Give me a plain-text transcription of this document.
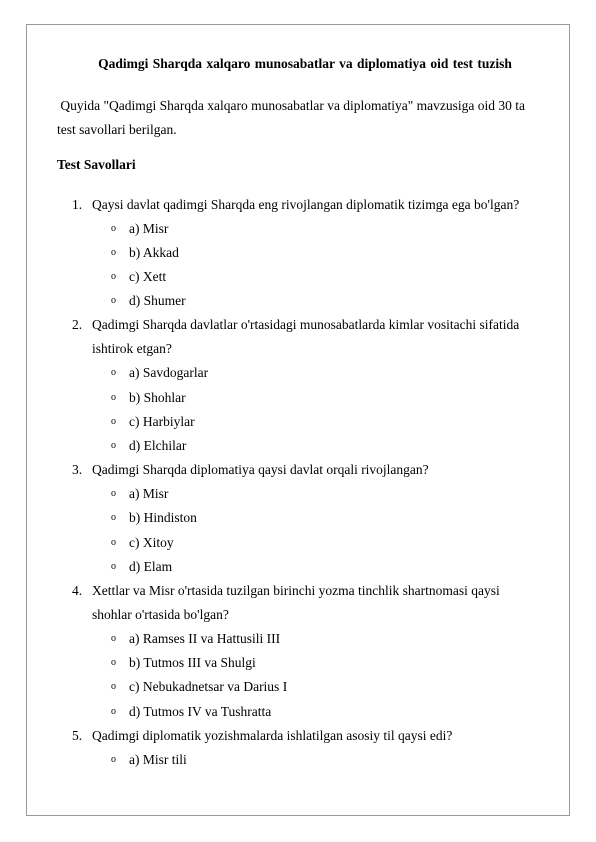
Qadimgi Sharqda xalqaro munosabatlar va diplomatiya oid test tuzish
Quyida "Qadimgi Sharqda xalqaro munosabatlar va diplomatiya" mavzusiga oid 30 ta
test savollari berilgan.
Test Savollari
1. Qaysi davlat qadimgi Sharqda eng rivojlangan diplomatik tizimga ega bo'lgan?
o a) Misr
o b) Akkad
o c) Xett
o d) Shumer
2. Qadimgi Sharqda davlatlar o'rtasidagi munosabatlarda kimlar vositachi sifatida
ishtirok etgan?
o a) Savdogarlar
o b) Shohlar
o c) Harbiylar
o d) Elchilar
3. Qadimgi Sharqda diplomatiya qaysi davlat orqali rivojlangan?
o a) Misr
o b) Hindiston
o c) Xitoy
o d) Elam
4. Xettlar va Misr o'rtasida tuzilgan birinchi yozma tinchlik shartnomasi qaysi
shohlar o'rtasida bo'lgan?
o a) Ramses II va Hattusili III
o b) Tutmos III va Shulgi
o c) Nebukadnetsar va Darius I
o d) Tutmos IV va Tushratta
5. Qadimgi diplomatik yozishmalarda ishlatilgan asosiy til qaysi edi?
o a) Misr tili
